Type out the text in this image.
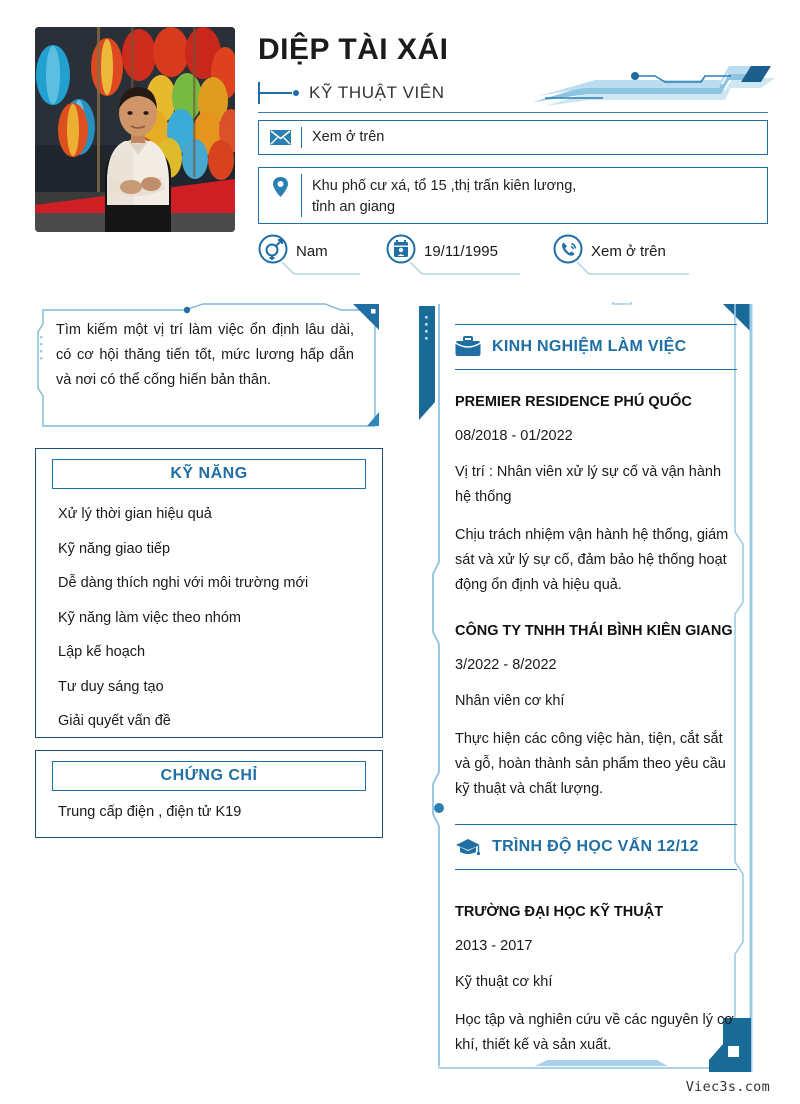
DIỆP TÀI XÁI
KỸ THUẬT VIÊN
Xem ở trên
Khu phố cư xá, tổ 15 ,thị trấn kiên lương,
tỉnh an giang
Nam	19/11/1995	Xem ở trên
Tìm kiếm một vị trí làm việc ổn định lâu dài, có cơ hội thăng tiến tốt, mức lương hấp dẫn và nơi có thể cống hiến bản thân.
KỸ NĂNG
Xử lý thời gian hiệu quả
Kỹ năng giao tiếp
Dễ dàng thích nghi với môi trường mới
Kỹ năng làm việc theo nhóm
Lập kế hoạch
Tư duy sáng tạo
Giải quyết vấn đề
CHỨNG CHỈ
Trung cấp điện , điện tử K19
KINH NGHIỆM LÀM VIỆC
PREMIER RESIDENCE PHÚ QUỐC
08/2018 - 01/2022
Vị trí : Nhân viên xử lý sự cố và vận hành hệ thống
Chịu trách nhiệm vận hành hệ thống, giám sát và xử lý sự cố, đảm bảo hệ thống hoạt động ổn định và hiệu quả.
CÔNG TY TNHH THÁI BÌNH KIÊN GIANG
3/2022 - 8/2022
Nhân viên cơ khí
Thực hiện các công việc hàn, tiện, cắt sắt và gỗ, hoàn thành sản phẩm theo yêu cầu kỹ thuật và chất lượng.
TRÌNH ĐỘ HỌC VẤN 12/12
TRƯỜNG ĐẠI HỌC KỸ THUẬT
2013 - 2017
Kỹ thuật cơ khí
Học tập và nghiên cứu về các nguyên lý cơ khí, thiết kế và sản xuất.
Viec3s.com
